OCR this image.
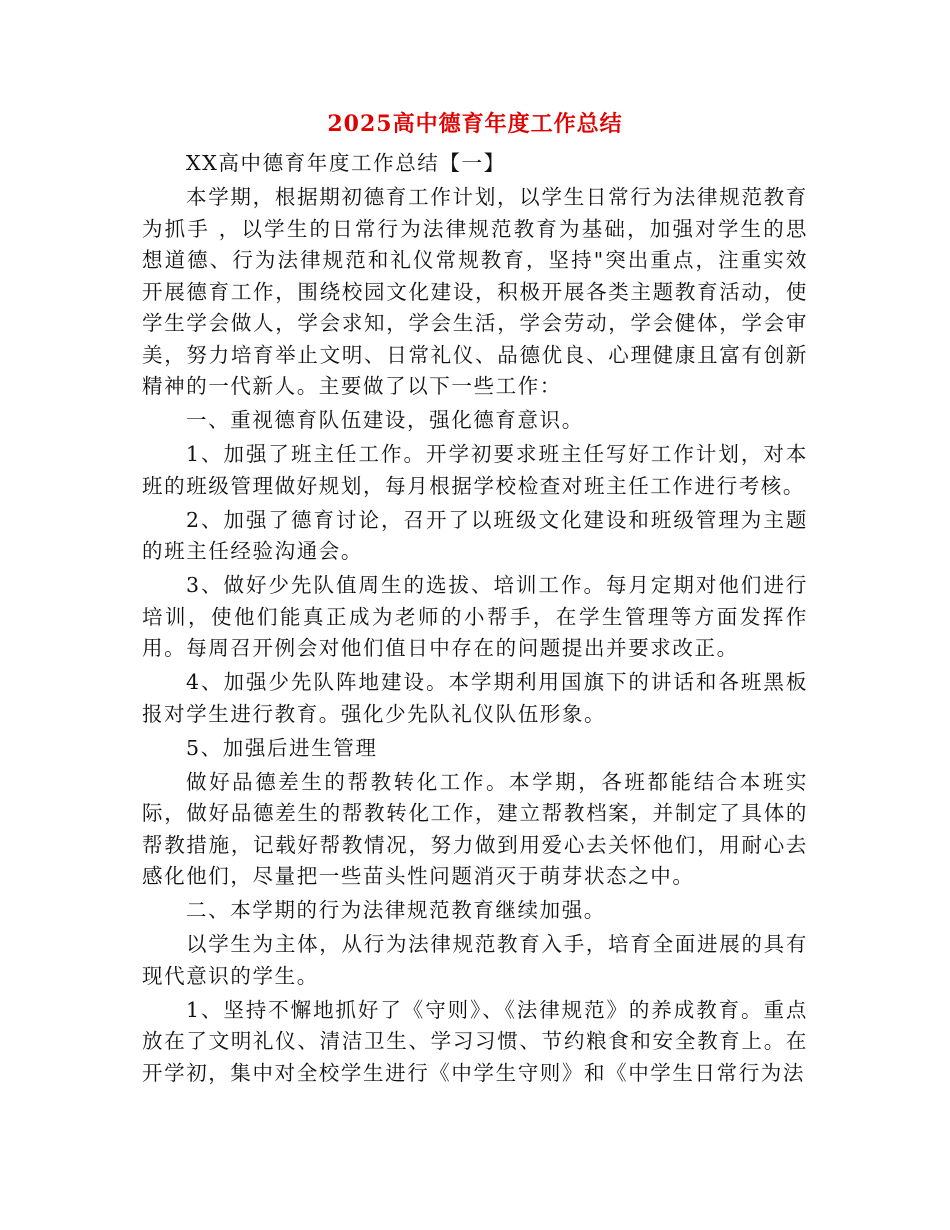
2025高中德育年度工作总结

XX高中德育年度工作总结【一】

本学期，根据期初德育工作计划，以学生日常行为法律规范教育为抓手 ，以学生的日常行为法律规范教育为基础，加强对学生的思想道德、行为法律规范和礼仪常规教育，坚持"突出重点，注重实效开展德育工作，围绕校园文化建设，积极开展各类主题教育活动，使学生学会做人，学会求知，学会生活，学会劳动，学会健体，学会审美，努力培育举止文明、日常礼仪、品德优良、心理健康且富有创新精神的一代新人。主要做了以下一些工作：

一、重视德育队伍建设，强化德育意识。

1、加强了班主任工作。开学初要求班主任写好工作计划，对本班的班级管理做好规划，每月根据学校检查对班主任工作进行考核。

2、加强了德育讨论，召开了以班级文化建设和班级管理为主题的班主任经验沟通会。

3、做好少先队值周生的选拔、培训工作。每月定期对他们进行培训，使他们能真正成为老师的小帮手，在学生管理等方面发挥作用。每周召开例会对他们值日中存在的问题提出并要求改正。

4、加强少先队阵地建设。本学期利用国旗下的讲话和各班黑板报对学生进行教育。强化少先队礼仪队伍形象。

5、加强后进生管理

做好品德差生的帮教转化工作。本学期，各班都能结合本班实际，做好品德差生的帮教转化工作，建立帮教档案，并制定了具体的帮教措施，记载好帮教情况，努力做到用爱心去关怀他们，用耐心去感化他们，尽量把一些苗头性问题消灭于萌芽状态之中。

二、本学期的行为法律规范教育继续加强。

以学生为主体，从行为法律规范教育入手，培育全面进展的具有现代意识的学生。

1、坚持不懈地抓好了《守则》、《法律规范》的养成教育。重点放在了文明礼仪、清洁卫生、学习习惯、节约粮食和安全教育上。在开学初，集中对全校学生进行《中学生守则》和《中学生日常行为法
